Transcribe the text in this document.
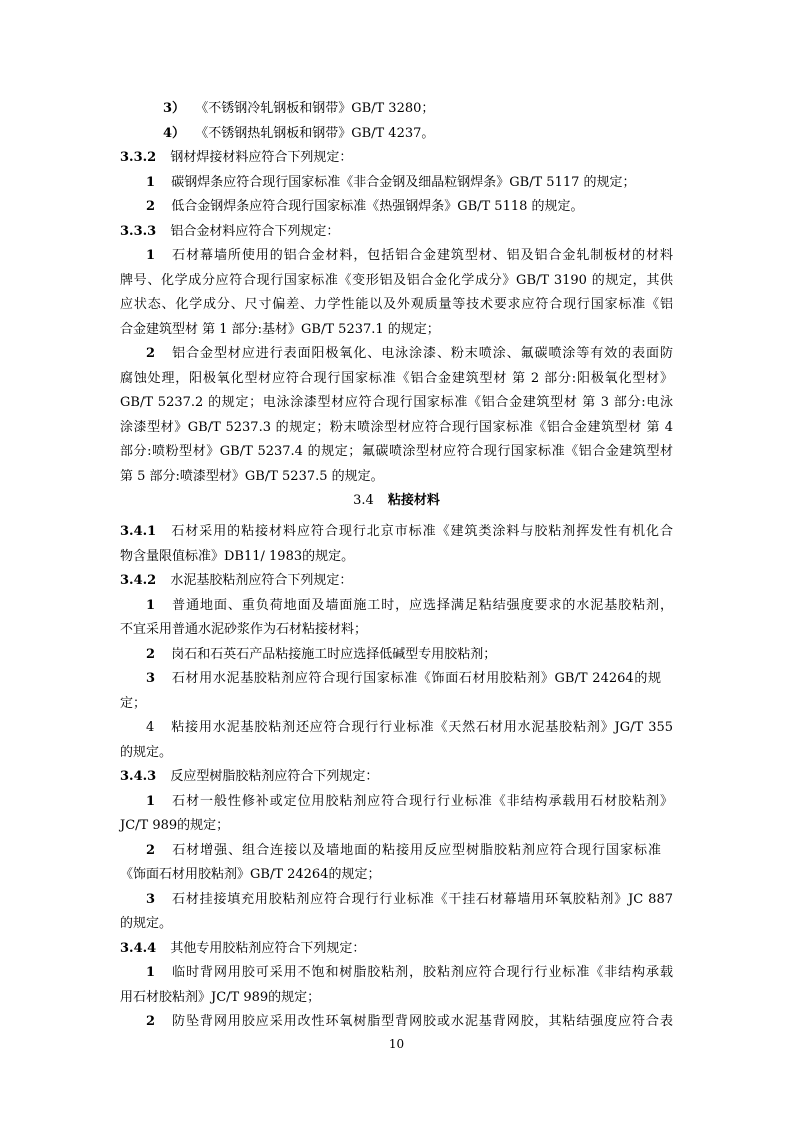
3） 《不锈钢冷轧钢板和钢带》GB/T 3280；
4） 《不锈钢热轧钢板和钢带》GB/T 4237。
3.3.2 钢材焊接材料应符合下列规定：
1 碳钢焊条应符合现行国家标准《非合金钢及细晶粒钢焊条》GB/T 5117 的规定；
2 低合金钢焊条应符合现行国家标准《热强钢焊条》GB/T 5118 的规定。
3.3.3 铝合金材料应符合下列规定：
1 石材幕墙所使用的铝合金材料，包括铝合金建筑型材、铝及铝合金轧制板材的材料
牌号、化学成分应符合现行国家标准《变形铝及铝合金化学成分》GB/T 3190 的规定，其供
应状态、化学成分、尺寸偏差、力学性能以及外观质量等技术要求应符合现行国家标准《铝
合金建筑型材 第 1 部分:基材》GB/T 5237.1 的规定；
2 铝合金型材应进行表面阳极氧化、电泳涂漆、粉末喷涂、氟碳喷涂等有效的表面防
腐蚀处理，阳极氧化型材应符合现行国家标准《铝合金建筑型材 第 2 部分:阳极氧化型材》
GB/T 5237.2 的规定；电泳涂漆型材应符合现行国家标准《铝合金建筑型材 第 3 部分:电泳
涂漆型材》GB/T 5237.3 的规定；粉末喷涂型材应符合现行国家标准《铝合金建筑型材 第 4
部分:喷粉型材》GB/T 5237.4 的规定；氟碳喷涂型材应符合现行国家标准《铝合金建筑型材
第 5 部分:喷漆型材》GB/T 5237.5 的规定。
3.4 粘接材料
3.4.1 石材采用的粘接材料应符合现行北京市标准《建筑类涂料与胶粘剂挥发性有机化合
物含量限值标准》DB11/ 1983的规定。
3.4.2 水泥基胶粘剂应符合下列规定：
1 普通地面、重负荷地面及墙面施工时，应选择满足粘结强度要求的水泥基胶粘剂，
不宜采用普通水泥砂浆作为石材粘接材料；
2 岗石和石英石产品粘接施工时应选择低碱型专用胶粘剂；
3 石材用水泥基胶粘剂应符合现行国家标准《饰面石材用胶粘剂》GB/T 24264的规
定；
4 粘接用水泥基胶粘剂还应符合现行行业标准《天然石材用水泥基胶粘剂》JG/T 355
的规定。
3.4.3 反应型树脂胶粘剂应符合下列规定：
1 石材一般性修补或定位用胶粘剂应符合现行行业标准《非结构承载用石材胶粘剂》
JC/T 989的规定；
2 石材增强、组合连接以及墙地面的粘接用反应型树脂胶粘剂应符合现行国家标准
《饰面石材用胶粘剂》GB/T 24264的规定；
3 石材挂接填充用胶粘剂应符合现行行业标准《干挂石材幕墙用环氧胶粘剂》JC 887
的规定。
3.4.4 其他专用胶粘剂应符合下列规定：
1 临时背网用胶可采用不饱和树脂胶粘剂，胶粘剂应符合现行行业标准《非结构承载
用石材胶粘剂》JC/T 989的规定；
2 防坠背网用胶应采用改性环氧树脂型背网胶或水泥基背网胶，其粘结强度应符合表
10
